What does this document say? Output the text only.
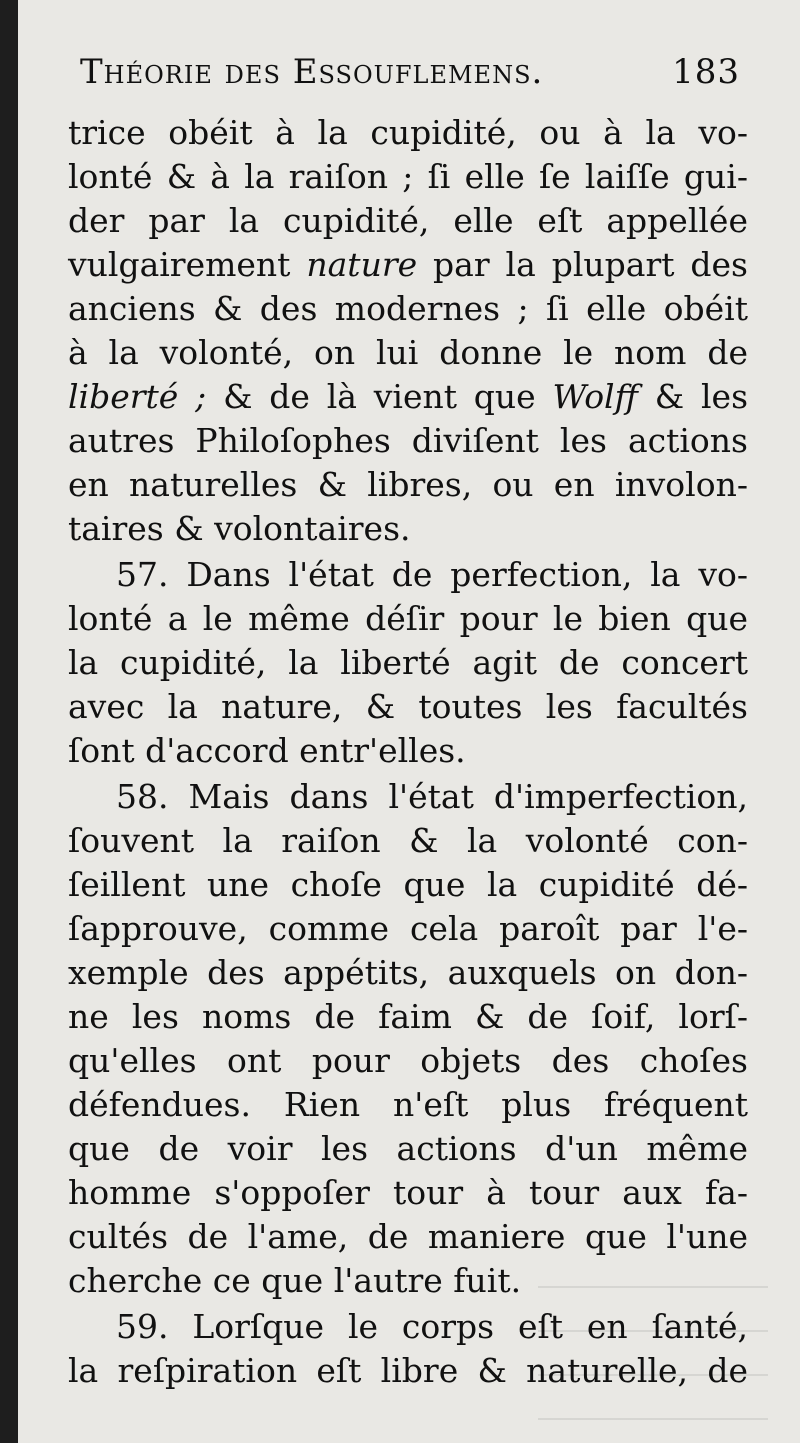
Théorie des Essouflemens.	183
trice obéit à la cupidité, ou à la vo-
lonté & à la raiſon ; ſi elle ſe laiſſe gui-
der par la cupidité, elle eſt appellée
vulgairement nature par la plupart des
anciens & des modernes ; ſi elle obéit
à la volonté, on lui donne le nom de
liberté ; & de là vient que Wolff & les
autres Philoſophes diviſent les actions
en naturelles & libres, ou en involon-
taires & volontaires.
57. Dans l'état de perfection, la vo-
lonté a le même déſir pour le bien que
la cupidité, la liberté agit de concert
avec la nature, & toutes les facultés
ſont d'accord entr'elles.
58. Mais dans l'état d'imperfection,
ſouvent la raiſon & la volonté con-
ſeillent une choſe que la cupidité dé-
ſapprouve, comme cela paroît par l'e-
xemple des appétits, auxquels on don-
ne les noms de faim & de ſoif, lorſ-
qu'elles ont pour objets des choſes
défendues. Rien n'eſt plus fréquent
que de voir les actions d'un même
homme s'oppoſer tour à tour aux fa-
cultés de l'ame, de maniere que l'une
cherche ce que l'autre fuit.
59. Lorſque le corps eſt en ſanté,
la reſpiration eſt libre & naturelle, de
